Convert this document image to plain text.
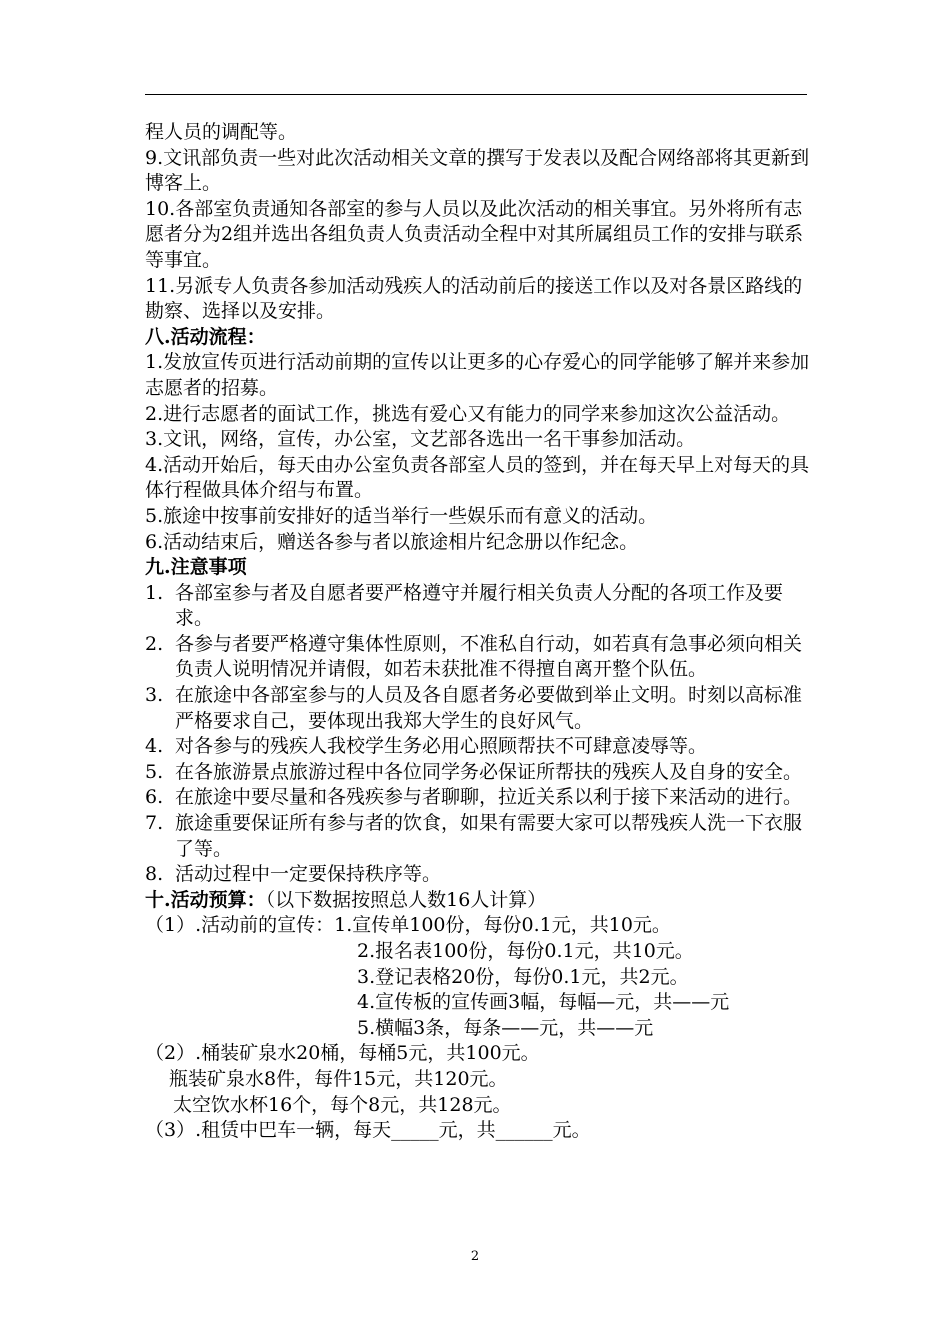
程人员的调配等。

9.文讯部负责一些对此次活动相关文章的撰写于发表以及配合网络部将其更新到博客上。

10.各部室负责通知各部室的参与人员以及此次活动的相关事宜。另外将所有志愿者分为2组并选出各组负责人负责活动全程中对其所属组员工作的安排与联系等事宜。

11.另派专人负责各参加活动残疾人的活动前后的接送工作以及对各景区路线的勘察、选择以及安排。

八.活动流程：

1.发放宣传页进行活动前期的宣传以让更多的心存爱心的同学能够了解并来参加志愿者的招募。

2.进行志愿者的面试工作，挑选有爱心又有能力的同学来参加这次公益活动。

3.文讯，网络，宣传，办公室，文艺部各选出一名干事参加活动。

4.活动开始后，每天由办公室负责各部室人员的签到，并在每天早上对每天的具体行程做具体介绍与布置。

5.旅途中按事前安排好的适当举行一些娱乐而有意义的活动。

6.活动结束后，赠送各参与者以旅途相片纪念册以作纪念。

九.注意事项

1. 各部室参与者及自愿者要严格遵守并履行相关负责人分配的各项工作及要求。
2. 各参与者要严格遵守集体性原则，不准私自行动，如若真有急事必须向相关负责人说明情况并请假，如若未获批准不得擅自离开整个队伍。
3. 在旅途中各部室参与的人员及各自愿者务必要做到举止文明。时刻以高标准严格要求自己，要体现出我郑大学生的良好风气。
4. 对各参与的残疾人我校学生务必用心照顾帮扶不可肆意凌辱等。
5. 在各旅游景点旅游过程中各位同学务必保证所帮扶的残疾人及自身的安全。
6. 在旅途中要尽量和各残疾参与者聊聊，拉近关系以利于接下来活动的进行。
7. 旅途重要保证所有参与者的饮食，如果有需要大家可以帮残疾人洗一下衣服了等。
8. 活动过程中一定要保持秩序等。

十.活动预算：（以下数据按照总人数16人计算）

（1）.活动前的宣传：1.宣传单100份，每份0.1元，共10元。

2.报名表100份，每份0.1元，共10元。

3.登记表格20份，每份0.1元，共2元。

4.宣传板的宣传画3幅，每幅—元，共——元

5.横幅3条，每条——元，共——元

（2）.桶装矿泉水20桶，每桶5元，共100元。

瓶装矿泉水8件，每件15元，共120元。

太空饮水杯16个，每个8元，共128元。

（3）.租赁中巴车一辆，每天_____元，共______元。

2
